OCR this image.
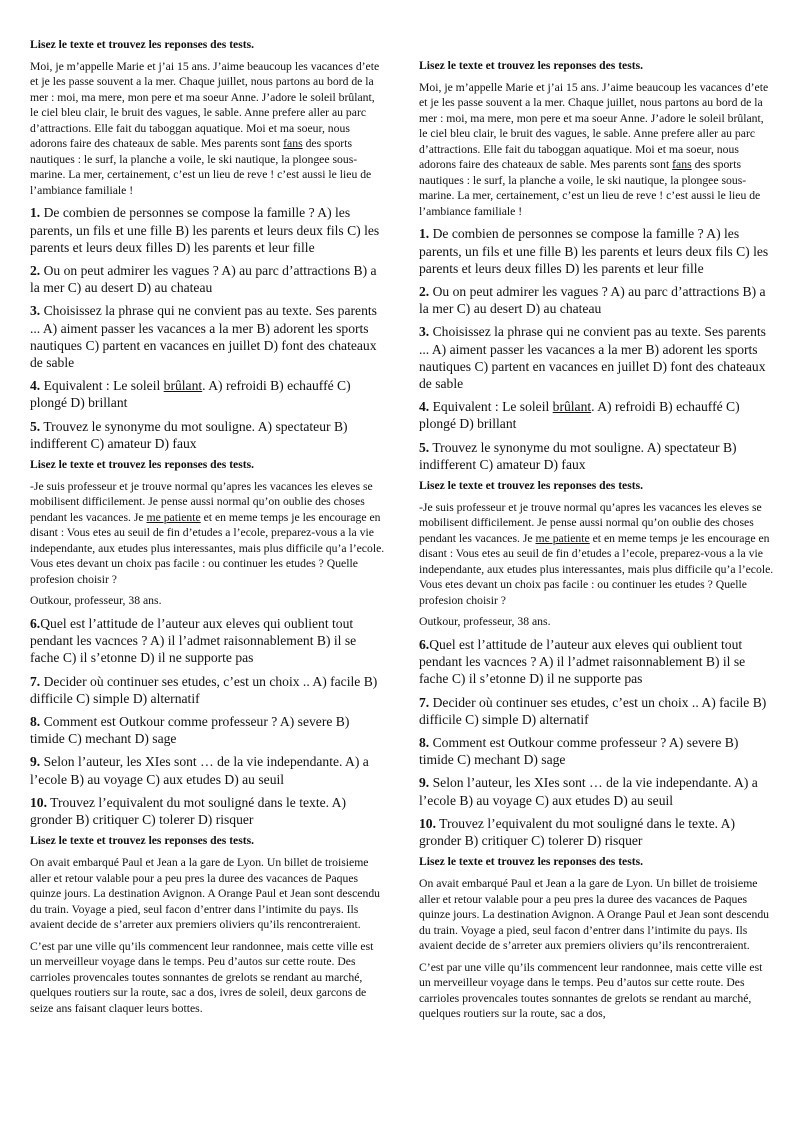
Lisez le texte et trouvez les reponses des tests.

Moi, je m’appelle Marie et j’ai 15 ans. J’aime beaucoup les vacances d’ete et je les passe souvent a la mer. Chaque juillet, nous partons au bord de la mer : moi, ma mere, mon pere et ma soeur Anne. J’adore le soleil brûlant, le ciel bleu clair, le bruit des vagues, le sable. Anne prefere aller au parc d’attractions. Elle fait du taboggan aquatique. Moi et ma soeur, nous adorons faire des chateaux de sable. Mes parents sont fans des sports nautiques : le surf, la planche a voile, le ski nautique, la plongee sous-marine. La mer, certainement, c’est un lieu de reve ! c’est aussi le lieu de l’ambiance familiale !

1. De combien de personnes se compose la famille ? A) les parents, un fils et une fille B) les parents et leurs deux fils C) les parents et leurs deux filles D) les parents et leur fille

2. Ou on peut admirer les vagues ? A) au parc d’attractions B) a la mer C) au desert D) au chateau

3. Choisissez la phrase qui ne convient pas au texte. Ses parents ... A) aiment passer les vacances a la mer B) adorent les sports nautiques C) partent en vacances en juillet D) font des chateaux de sable

4. Equivalent : Le soleil brûlant. A) refroidi B) echauffé C) plongé D) brillant

5. Trouvez le synonyme du mot souligne. A) spectateur B) indifferent C) amateur D) faux

Lisez le texte et trouvez les reponses des tests.

-Je suis professeur et je trouve normal qu’apres les vacances les eleves se mobilisent difficilement. Je pense aussi normal qu’on oublie des choses pendant les vacances. Je me patiente et en meme temps je les encourage en disant : Vous etes au seuil de fin d’etudes a l’ecole, preparez-vous a la vie independante, aux etudes plus interessantes, mais plus difficile qu’a l’ecole. Vous etes devant un choix pas facile : ou continuer les etudes ? Quelle profesion choisir ?

Outkour, professeur, 38 ans.

6.Quel est l’attitude de l’auteur aux eleves qui oublient tout pendant les vacnces ? A) il l’admet raisonnablement B) il se fache C) il s’etonne D) il ne supporte pas

7. Decider où continuer ses etudes, c’est un choix .. A) facile B) difficile C) simple D) alternatif

8. Comment est Outkour comme professeur ? A) severe B) timide C) mechant D) sage

9. Selon l’auteur, les XIes sont … de la vie independante. A) a l’ecole B) au voyage C) aux etudes D) au seuil

10. Trouvez l’equivalent du mot souligné dans le texte. A) gronder B) critiquer C) tolerer D) risquer

Lisez le texte et trouvez les reponses des tests.

On avait embarqué Paul et Jean a la gare de Lyon. Un billet de troisieme aller et retour valable pour a peu pres la duree des vacances de Paques quinze jours. La destination Avignon. A Orange Paul et Jean sont descendu du train. Voyage a pied, seul facon d’entrer dans l’intimite du pays. Ils avaient decide de s’arreter aux premiers oliviers qu’ils rencontreraient.

C’est par une ville qu’ils commencent leur randonnee, mais cette ville est un merveilleur voyage dans le temps. Peu d’autos sur cette route. Des carrioles provencales toutes sonnantes de grelots se rendant au marché, quelques routiers sur la route, sac a dos, ivres de soleil, deux garcons de seize ans faisant claquer leurs bottes.

Lisez le texte et trouvez les reponses des tests.

Moi, je m’appelle Marie et j’ai 15 ans. J’aime beaucoup les vacances d’ete et je les passe souvent a la mer. Chaque juillet, nous partons au bord de la mer : moi, ma mere, mon pere et ma soeur Anne. J’adore le soleil brûlant, le ciel bleu clair, le bruit des vagues, le sable. Anne prefere aller au parc d’attractions. Elle fait du taboggan aquatique. Moi et ma soeur, nous adorons faire des chateaux de sable. Mes parents sont fans des sports nautiques : le surf, la planche a voile, le ski nautique, la plongee sous-marine. La mer, certainement, c’est un lieu de reve ! c’est aussi le lieu de l’ambiance familiale !

1. De combien de personnes se compose la famille ? A) les parents, un fils et une fille B) les parents et leurs deux fils C) les parents et leurs deux filles D) les parents et leur fille

2. Ou on peut admirer les vagues ? A) au parc d’attractions B) a la mer C) au desert D) au chateau

3. Choisissez la phrase qui ne convient pas au texte. Ses parents ... A) aiment passer les vacances a la mer B) adorent les sports nautiques C) partent en vacances en juillet D) font des chateaux de sable

4. Equivalent : Le soleil brûlant. A) refroidi B) echauffé C) plongé D) brillant

5. Trouvez le synonyme du mot souligne. A) spectateur B) indifferent C) amateur D) faux

Lisez le texte et trouvez les reponses des tests.

-Je suis professeur et je trouve normal qu’apres les vacances les eleves se mobilisent difficilement. Je pense aussi normal qu’on oublie des choses pendant les vacances. Je me patiente et en meme temps je les encourage en disant : Vous etes au seuil de fin d’etudes a l’ecole, preparez-vous a la vie independante, aux etudes plus interessantes, mais plus difficile qu’a l’ecole. Vous etes devant un choix pas facile : ou continuer les etudes ? Quelle profesion choisir ?

Outkour, professeur, 38 ans.

6.Quel est l’attitude de l’auteur aux eleves qui oublient tout pendant les vacnces ? A) il l’admet raisonnablement B) il se fache C) il s’etonne D) il ne supporte pas

7. Decider où continuer ses etudes, c’est un choix .. A) facile B) difficile C) simple D) alternatif

8. Comment est Outkour comme professeur ? A) severe B) timide C) mechant D) sage

9. Selon l’auteur, les XIes sont … de la vie independante. A) a l’ecole B) au voyage C) aux etudes D) au seuil

10. Trouvez l’equivalent du mot souligné dans le texte. A) gronder B) critiquer C) tolerer D) risquer

Lisez le texte et trouvez les reponses des tests.

On avait embarqué Paul et Jean a la gare de Lyon. Un billet de troisieme aller et retour valable pour a peu pres la duree des vacances de Paques quinze jours. La destination Avignon. A Orange Paul et Jean sont descendu du train. Voyage a pied, seul facon d’entrer dans l’intimite du pays. Ils avaient decide de s’arreter aux premiers oliviers qu’ils rencontreraient.

C’est par une ville qu’ils commencent leur randonnee, mais cette ville est un merveilleur voyage dans le temps. Peu d’autos sur cette route. Des carrioles provencales toutes sonnantes de grelots se rendant au marché, quelques routiers sur la route, sac a dos,
